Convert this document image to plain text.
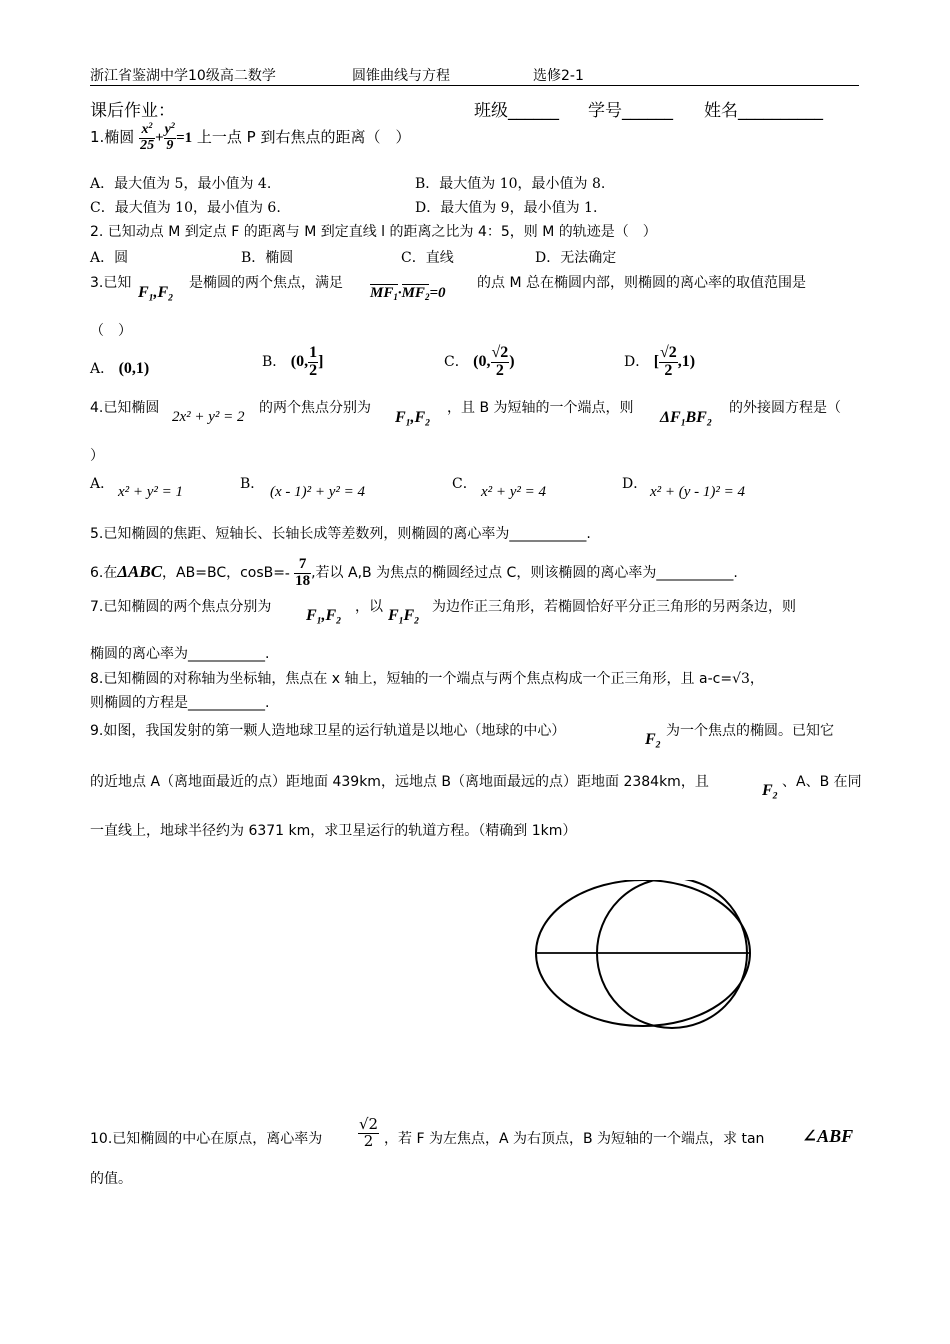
浙江省鉴湖中学10级高二数学	圆锥曲线与方程	选修2-1
课后作业：	班级______ 学号______ 姓名__________
1.椭圆 $\frac{x^2}{25} + \frac{y^2}{9} =1$ 上一点 P 到右焦点的距离（　）
A．最大值为 5，最小值为 4.	B．最大值为 10，最小值为 8.
C．最大值为 10，最小值为 6.	D．最大值为 9，最小值为 1.
2. 已知动点 M 到定点 F 的距离与 M 到定直线 l 的距离之比为 4：5，则 M 的轨迹是（　）
A．圆	B．椭圆	C．直线	D．无法确定
3.已知
$F_1,F_2$
是椭圆的两个焦点，满足
$MF_1\cdot MF_2=0$
的点 M 总在椭圆内部，则椭圆的离心率的取值范围是
（　）
A． (0,1)	B． (0, $\frac{1}{2}$ ]	C． (0, $\frac{√2}{2}$ )	D． [ $\frac{√2}{2} ,1$)
4.已知椭圆
2x² + y² = 2
的两个焦点分别为
$F_1,F_2$
，且 B 为短轴的一个端点，则
$\Delta F_1BF_2$
的外接圆方程是（
）
A． x² + y² = 1	B． (x - 1)² + y² = 4	C． x² + y² = 4	D． x² + (y - 1)² = 4
5.已知椭圆的焦距、短轴长、长轴长成等差数列，则椭圆的离心率为___________.
6.在ΔABC，AB=BC，$\cos B=- \frac{7}{18}$ ,若以 A,B 为焦点的椭圆经过点 C，则该椭圆的离心率为___________.
7.已知椭圆的两个焦点分别为 $F_1,F_2$
，以 $F_1F_2$
为边作正三角形，若椭圆恰好平分正三角形的另两条边，则
椭圆的离心率为___________.
8.已知椭圆的对称轴为坐标轴，焦点在 x 轴上，短轴的一个端点与两个焦点构成一个正三角形，且 a-c=√3，
则椭圆的方程是___________.
9.如图，我国发射的第一颗人造地球卫星的运行轨道是以地心（地球的中心）	$F_2$
为一个焦点的椭圆。已知它
的近地点 A（离地面最近的点）距地面 439km，远地点 B（离地面最远的点）距地面 2384km，且	$F_2$
、A、B 在同
一直线上，地球半径约为 6371 km，求卫星运行的轨道方程。（精确到 1km）
10.已知椭圆的中心在原点，离心率为 $\frac{√2}{2}$ ，若 F 为左焦点，A 为右顶点，B 为短轴的一个端点，求 tan ∠ABF
的值。
